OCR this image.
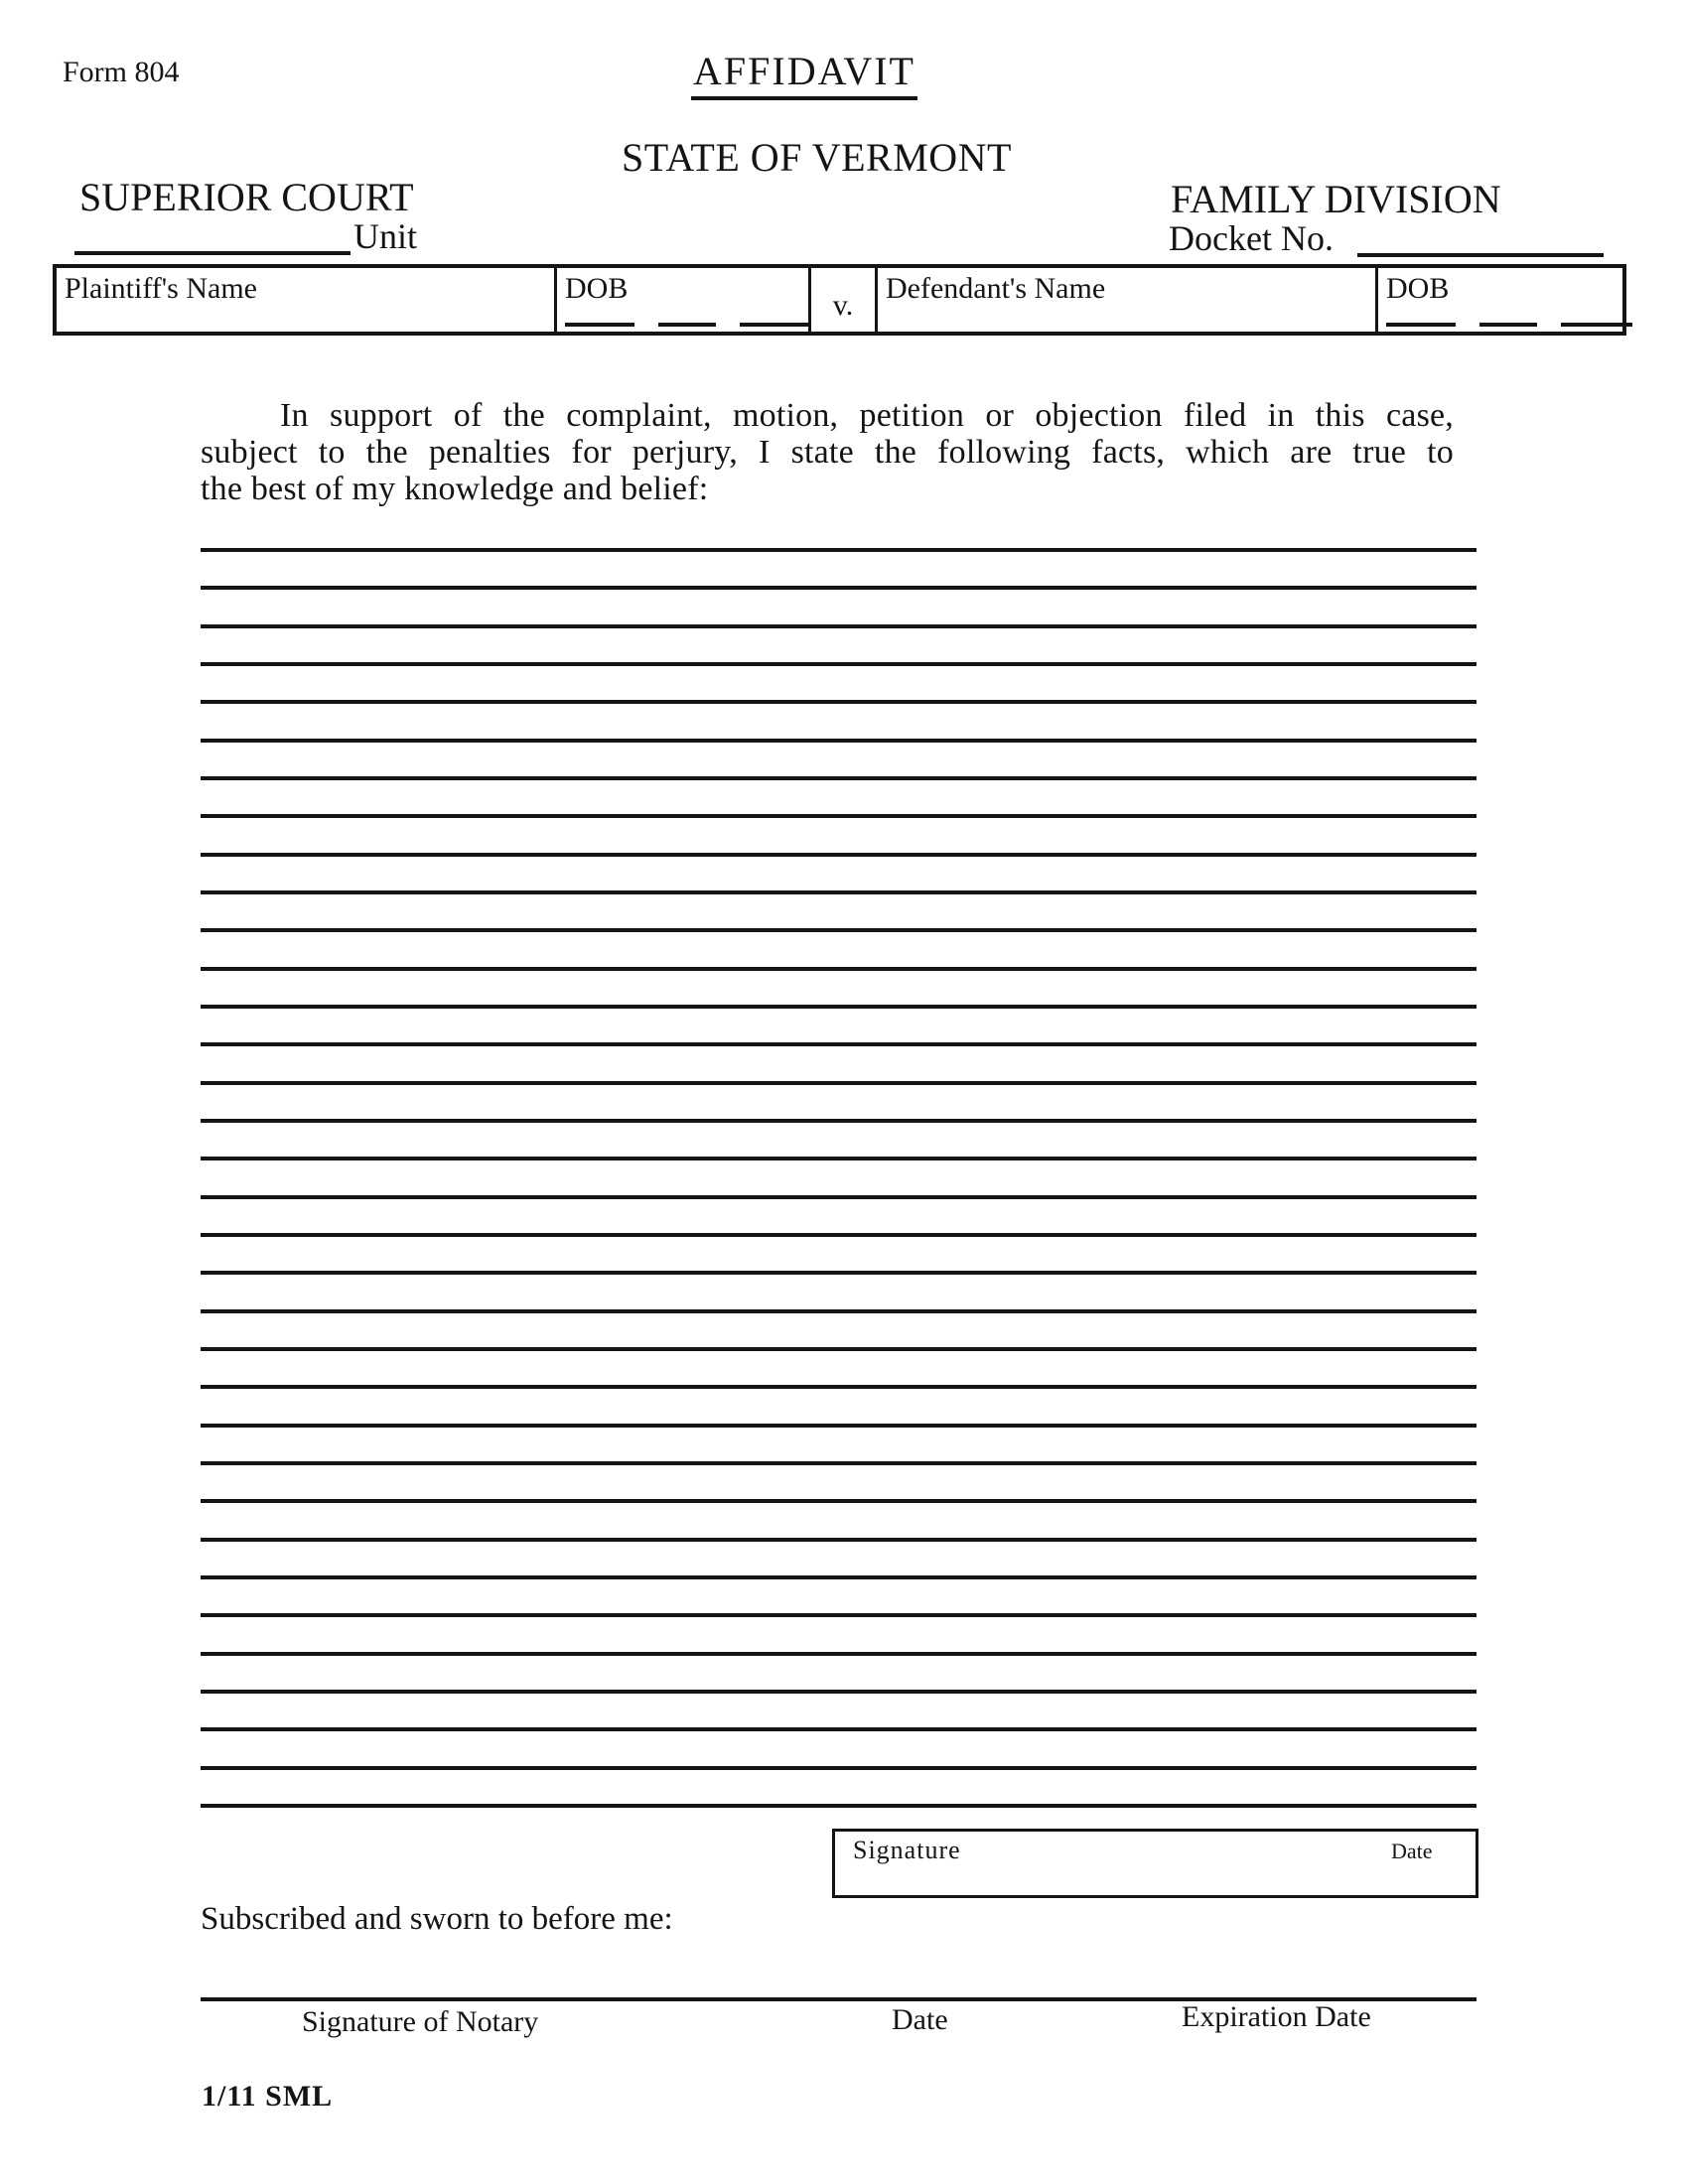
Form 804	AFFIDAVIT
STATE OF VERMONT
SUPERIOR COURT	FAMILY DIVISION
Unit	Docket No.
Plaintiff's Name	DOB	v. Defendant's Name	DOB
In support of the complaint, motion, petition or objection filed in this case,
subject to the penalties for perjury, I state the following facts, which are true to
the best of my knowledge and belief:
Signature	Date
Subscribed and sworn to before me:
Signature of Notary	Date	Expiration Date
1/11 SML
